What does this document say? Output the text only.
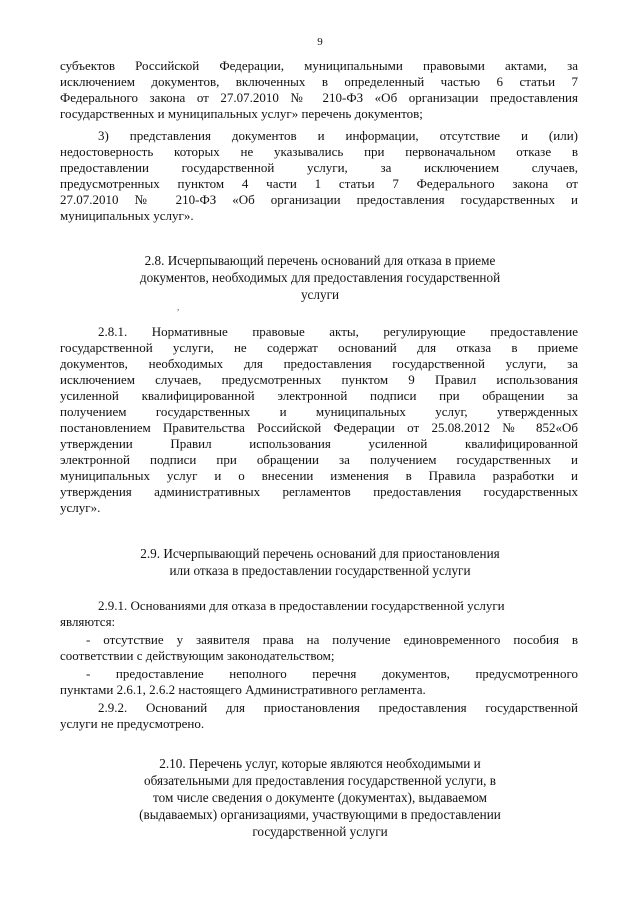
9
субъектов Российской Федерации, муниципальными правовыми актами, за
исключением документов, включенных в определенный частью 6 статьи 7
Федерального закона от 27.07.2010 № 210-ФЗ «Об организации предоставления
государственных и муниципальных услуг» перечень документов;
3) представления документов и информации, отсутствие и (или)
недостоверность которых не указывались при первоначальном отказе в
предоставлении государственной услуги, за исключением случаев,
предусмотренных пунктом 4 части 1 статьи 7 Федерального закона от
27.07.2010 № 210-ФЗ «Об организации предоставления государственных и
муниципальных услуг».
2.8. Исчерпывающий перечень оснований для отказа в приеме
документов, необходимых для предоставления государственной
услуги
,
2.8.1. Нормативные правовые акты, регулирующие предоставление
государственной услуги, не содержат оснований для отказа в приеме
документов, необходимых для предоставления государственной услуги, за
исключением случаев, предусмотренных пунктом 9 Правил использования
усиленной квалифицированной электронной подписи при обращении за
получением государственных и муниципальных услуг, утвержденных
постановлением Правительства Российской Федерации от 25.08.2012 № 852«Об
утверждении Правил использования усиленной квалифицированной
электронной подписи при обращении за получением государственных и
муниципальных услуг и о внесении изменения в Правила разработки и
утверждения административных регламентов предоставления государственных
услуг».
2.9. Исчерпывающий перечень оснований для приостановления
или отказа в предоставлении государственной услуги
2.9.1. Основаниями для отказа в предоставлении государственной услуги
являются:
- отсутствие у заявителя права на получение единовременного пособия в
соответствии с действующим законодательством;
- предоставление неполного перечня документов, предусмотренного
пунктами 2.6.1, 2.6.2 настоящего Административного регламента.
2.9.2. Оснований для приостановления предоставления государственной
услуги не предусмотрено.
2.10. Перечень услуг, которые являются необходимыми и
обязательными для предоставления государственной услуги, в
том числе сведения о документе (документах), выдаваемом
(выдаваемых) организациями, участвующими в предоставлении
государственной услуги
